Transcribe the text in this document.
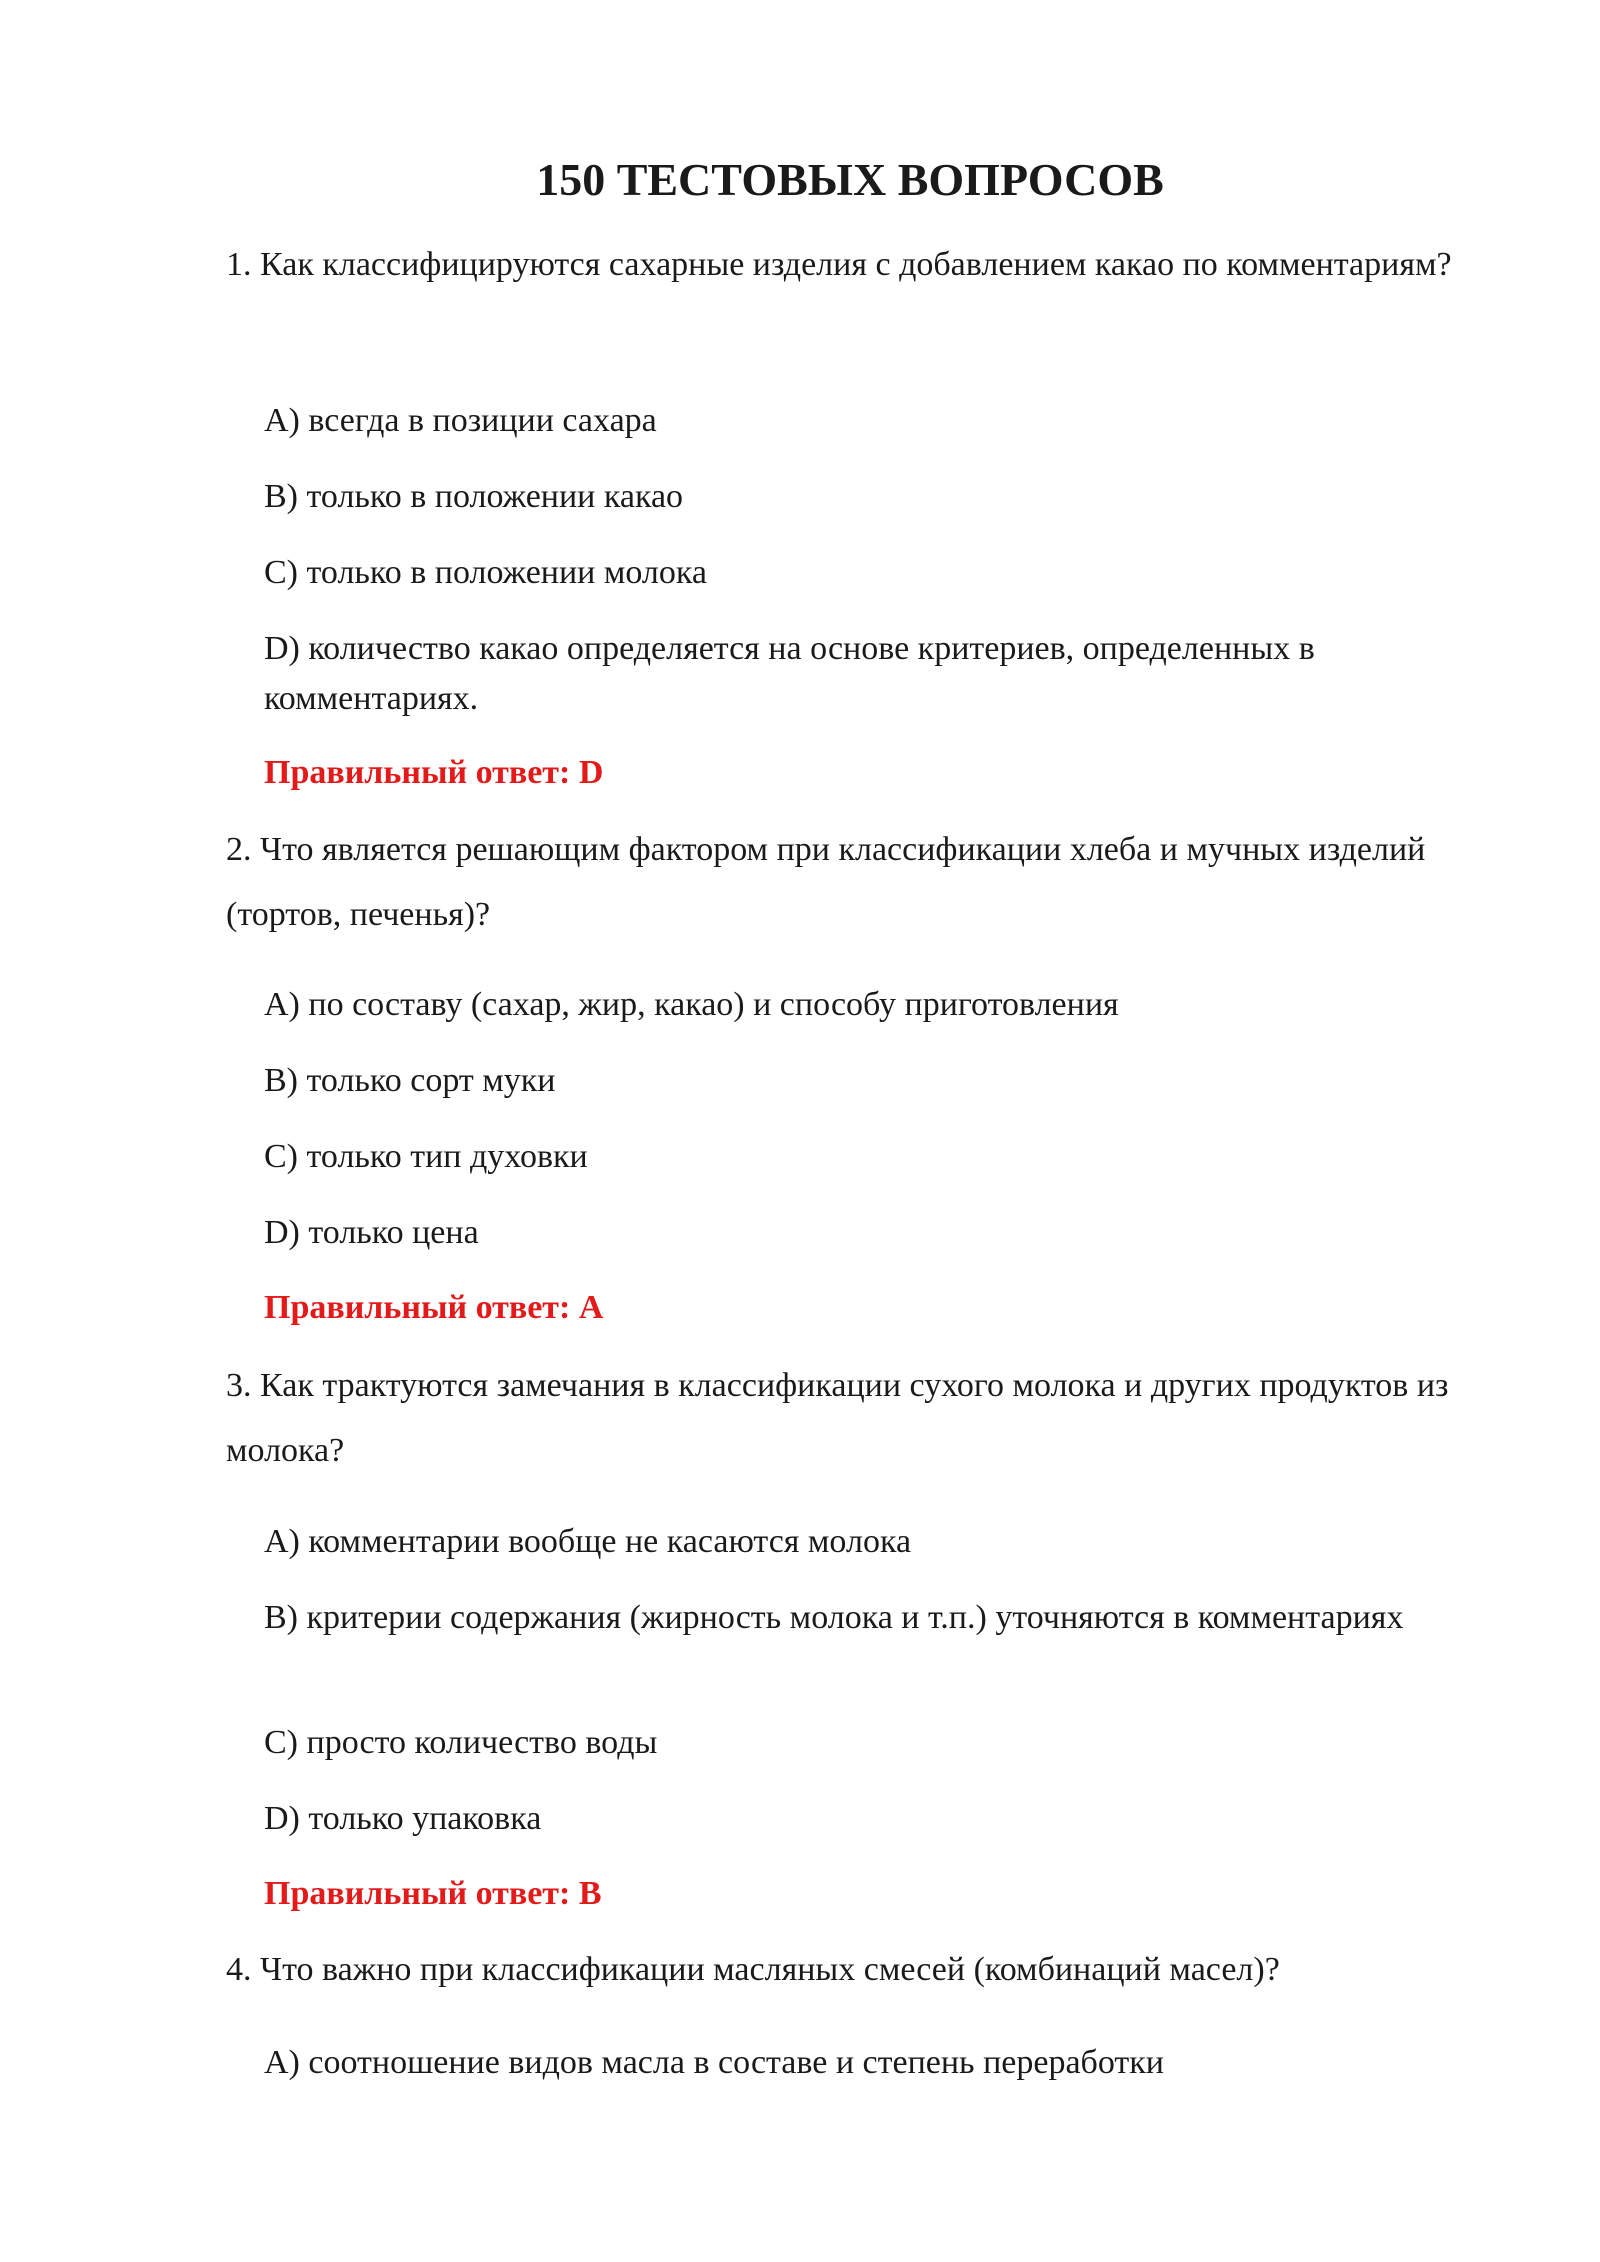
150 ТЕСТОВЫХ ВОПРОСОВ

1. Как классифицируются сахарные изделия с добавлением какао по комментариям?

A) всегда в позиции сахара

B) только в положении какао

C) только в положении молока

D) количество какао определяется на основе критериев, определенных в комментариях.

Правильный ответ: D

2. Что является решающим фактором при классификации хлеба и мучных изделий (тортов, печенья)?

A) по составу (сахар, жир, какао) и способу приготовления

B) только сорт муки

C) только тип духовки

D) только цена

Правильный ответ: A

3. Как трактуются замечания в классификации сухого молока и других продуктов из молока?

A) комментарии вообще не касаются молока

B) критерии содержания (жирность молока и т.п.) уточняются в комментариях

C) просто количество воды

D) только упаковка

Правильный ответ: B

4. Что важно при классификации масляных смесей (комбинаций масел)?

A) соотношение видов масла в составе и степень переработки
